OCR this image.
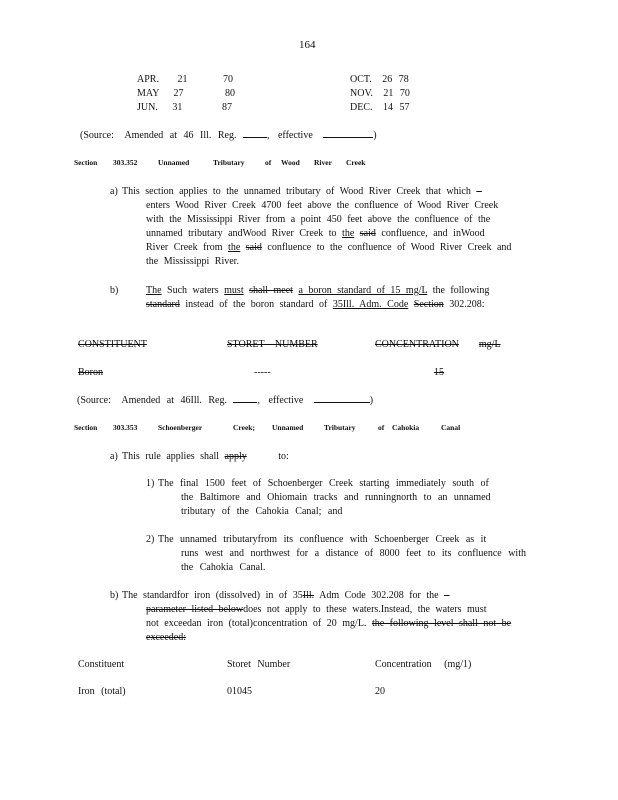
164
APR. 21	70
MAY 27	80
JUN. 31	87
OCT. 26 78
NOV. 21 70
DEC. 14 57
(Source: Amended at 46 Ill. Reg.	, effective	)
Section 303.352	Unnamed	Tributary	of Wood River Creek
a) This section applies to the unnamed tributary of Wood River Creek that which
enters Wood River Creek 4700 feet above the confluence of Wood River Creek
with the Mississippi River from a point 450 feet above the confluence of the
unnamed tributary andWood River Creek to the said confluence, and inWood
River Creek from the said confluence to the confluence of Wood River Creek and
the Mississippi River.
b)	The Such waters must shall meet a boron standard of 15 mg/L the following
standard instead of the boron standard of 35Ill. Adm. Code Section 302.208:
CONSTITUENT	STORET NUMBER	CONCENTRATION mg/L
Boron	-----	15
(Source: Amended at 46Ill. Reg.	, effective	)
Section 303.353	Schoenberger	Creek; Unnamed	Tributary	of Cahokia	Canal
a) This rule applies shall apply	to:
1) The final 1500 feet of Schoenberger Creek starting immediately south of
the Baltimore and Ohiomain tracks and runningnorth to an unnamed
tributary of the Cahokia Canal; and
2) The unnamed tributaryfrom its confluence with Schoenberger Creek as it
runs west and northwest for a distance of 8000 feet to its confluence with
the Cahokia Canal.
b) The standardfor iron (dissolved) in of 35Ill. Adm Code 302.208 for the
parameter listed belowdoes not apply to these waters.Instead, the waters must
not exceedan iron (total)concentration of 20 mg/L. the following level shall not be
exceeded:
Constituent	Storet Number	Concentration (mg/1)
Iron (total)	01045	20
